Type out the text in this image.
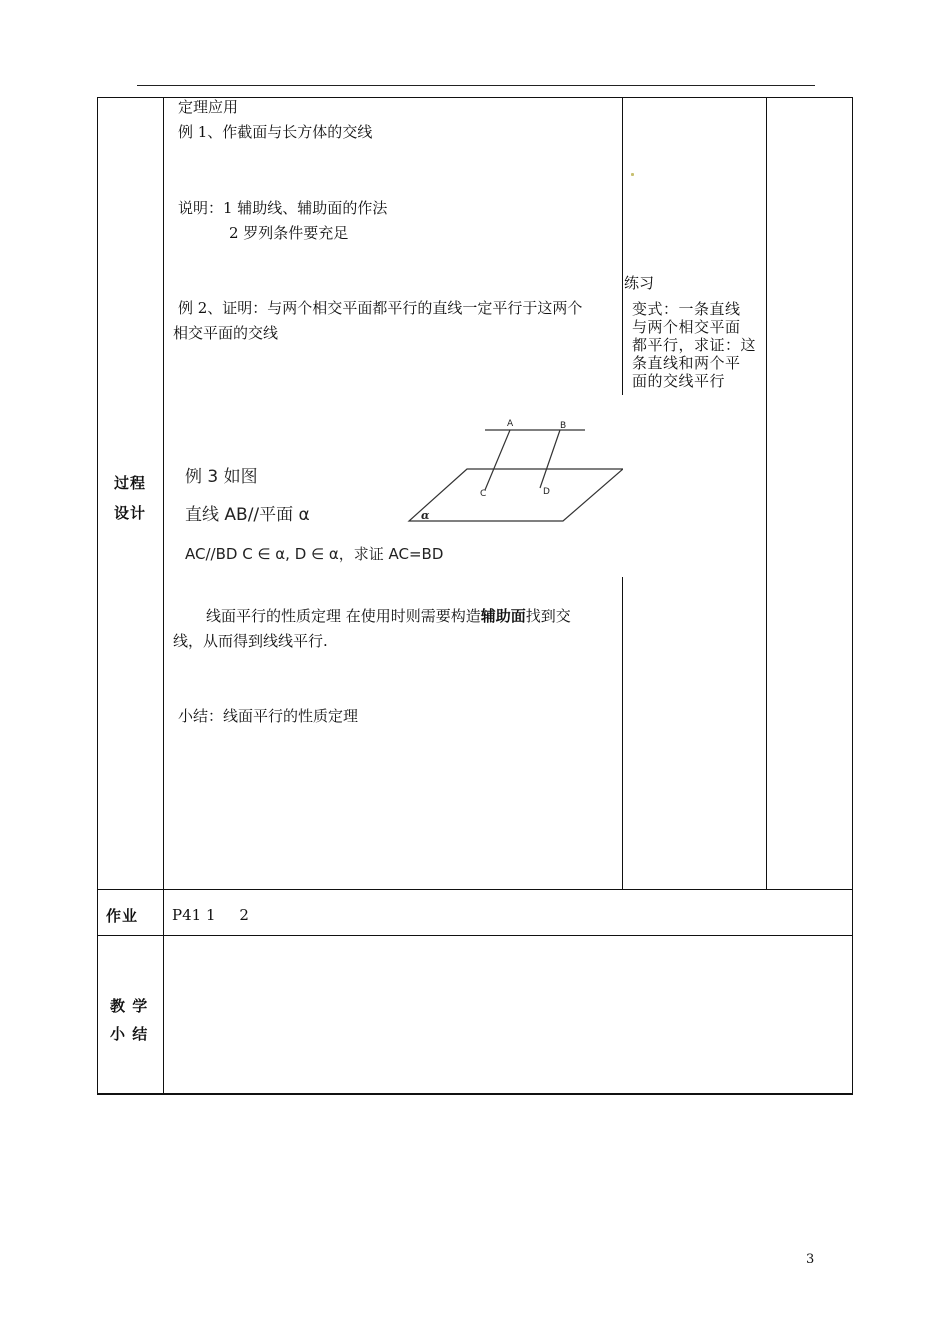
过程
设计
作业
教 学
小 结
定理应用
例 1、作截面与长方体的交线
说明：1 辅助线、辅助面的作法
2 罗列条件要充足
例 2、证明：与两个相交平面都平行的直线一定平行于这两个
相交平面的交线
A	B
C	D
α
例 3 如图
直线 AB//平面 α
AC//BD C ∈ α, D ∈ α，求证 AC=BD
线面平行的性质定理 在使用时则需要构造辅助面找到交
线，从而得到线线平行.
小结：线面平行的性质定理
练习
变式：一条直线
与两个相交平面
都平行，求证：这
条直线和两个平
面的交线平行
P41 1     2
3
